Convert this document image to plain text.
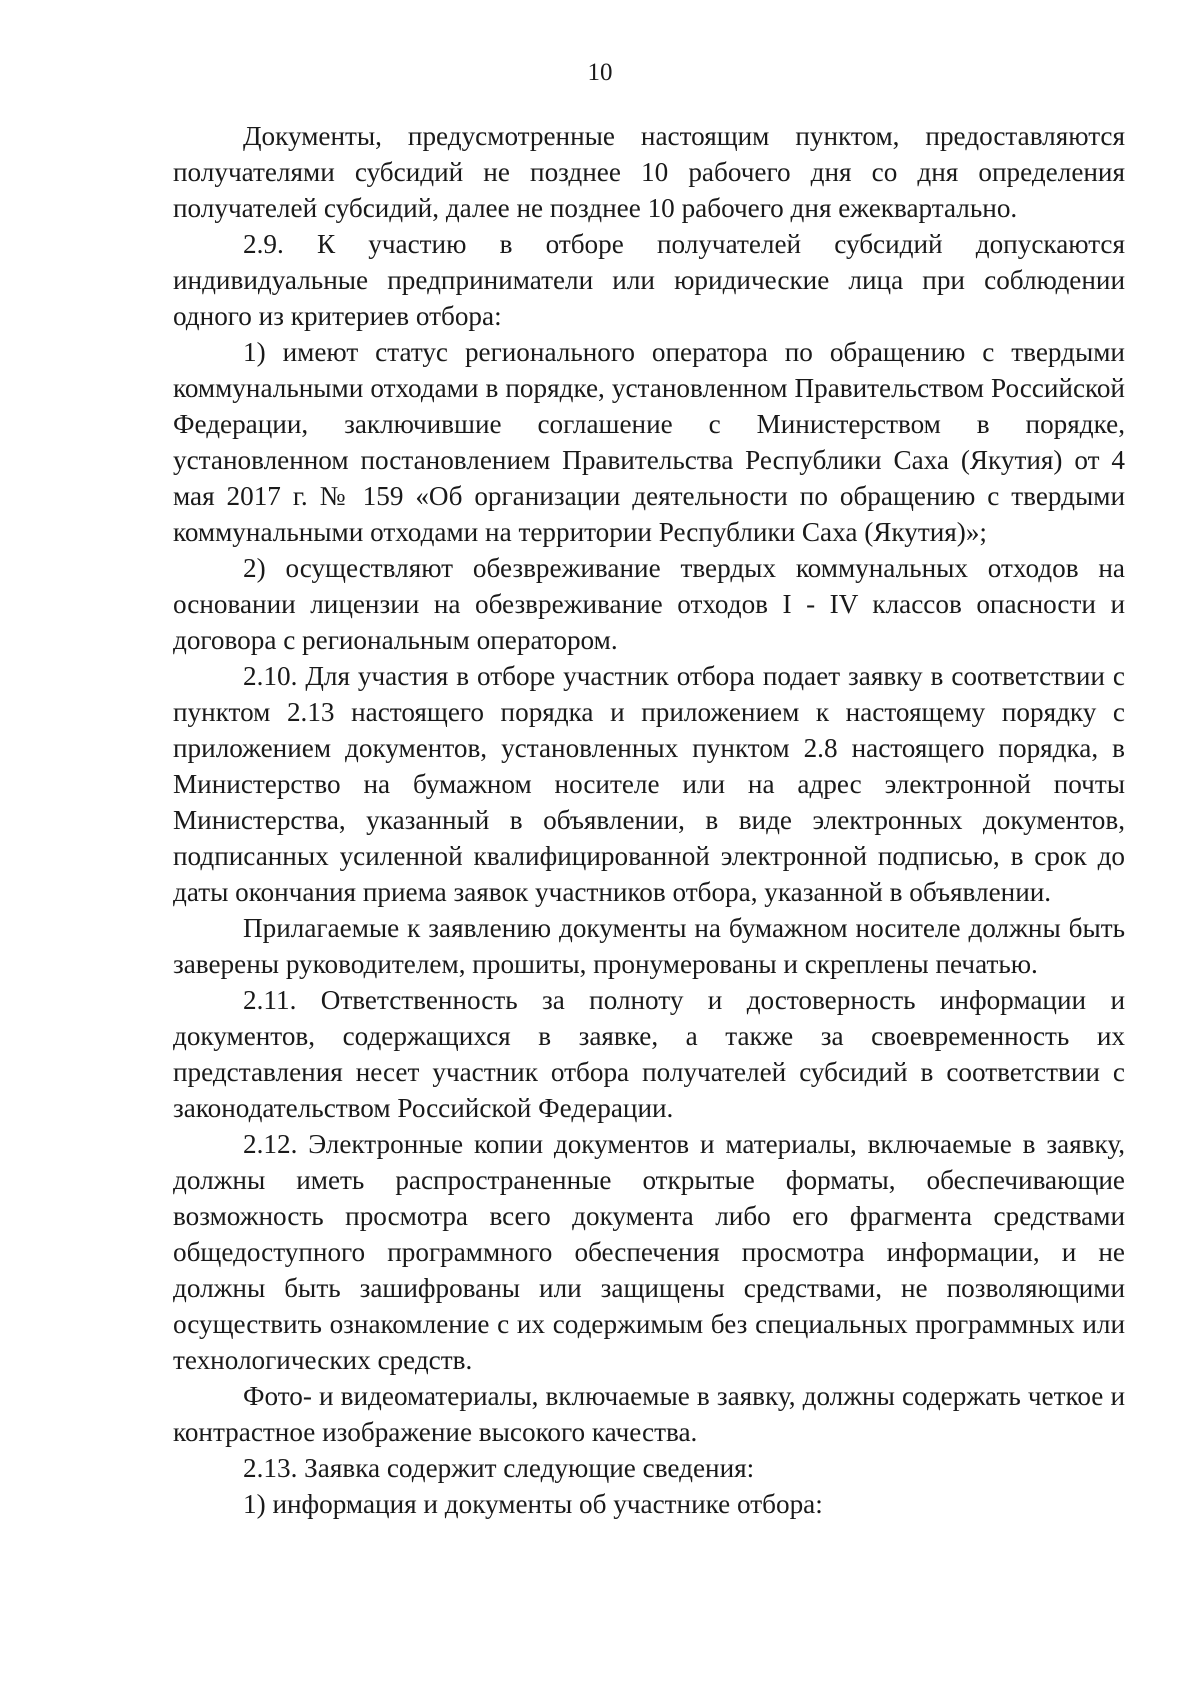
10

Документы, предусмотренные настоящим пунктом, предоставляются получателями субсидий не позднее 10 рабочего дня со дня определения получателей субсидий, далее не позднее 10 рабочего дня ежеквартально.

2.9. К участию в отборе получателей субсидий допускаются индивидуальные предприниматели или юридические лица при соблюдении одного из критериев отбора:

1) имеют статус регионального оператора по обращению с твердыми коммунальными отходами в порядке, установленном Правительством Российской Федерации, заключившие соглашение с Министерством в порядке, установленном постановлением Правительства Республики Саха (Якутия) от 4 мая 2017 г. № 159 «Об организации деятельности по обращению с твердыми коммунальными отходами на территории Республики Саха (Якутия)»;

2) осуществляют обезвреживание твердых коммунальных отходов на основании лицензии на обезвреживание отходов I - IV классов опасности и договора с региональным оператором.

2.10. Для участия в отборе участник отбора подает заявку в соответствии с пунктом 2.13 настоящего порядка и приложением к настоящему порядку с приложением документов, установленных пунктом 2.8 настоящего порядка, в Министерство на бумажном носителе или на адрес электронной почты Министерства, указанный в объявлении, в виде электронных документов, подписанных усиленной квалифицированной электронной подписью, в срок до даты окончания приема заявок участников отбора, указанной в объявлении.

Прилагаемые к заявлению документы на бумажном носителе должны быть заверены руководителем, прошиты, пронумерованы и скреплены печатью.

2.11. Ответственность за полноту и достоверность информации и документов, содержащихся в заявке, а также за своевременность их представления несет участник отбора получателей субсидий в соответствии с законодательством Российской Федерации.

2.12. Электронные копии документов и материалы, включаемые в заявку, должны иметь распространенные открытые форматы, обеспечивающие возможность просмотра всего документа либо его фрагмента средствами общедоступного программного обеспечения просмотра информации, и не должны быть зашифрованы или защищены средствами, не позволяющими осуществить ознакомление с их содержимым без специальных программных или технологических средств.

Фото- и видеоматериалы, включаемые в заявку, должны содержать четкое и контрастное изображение высокого качества.

2.13. Заявка содержит следующие сведения:

1) информация и документы об участнике отбора:
